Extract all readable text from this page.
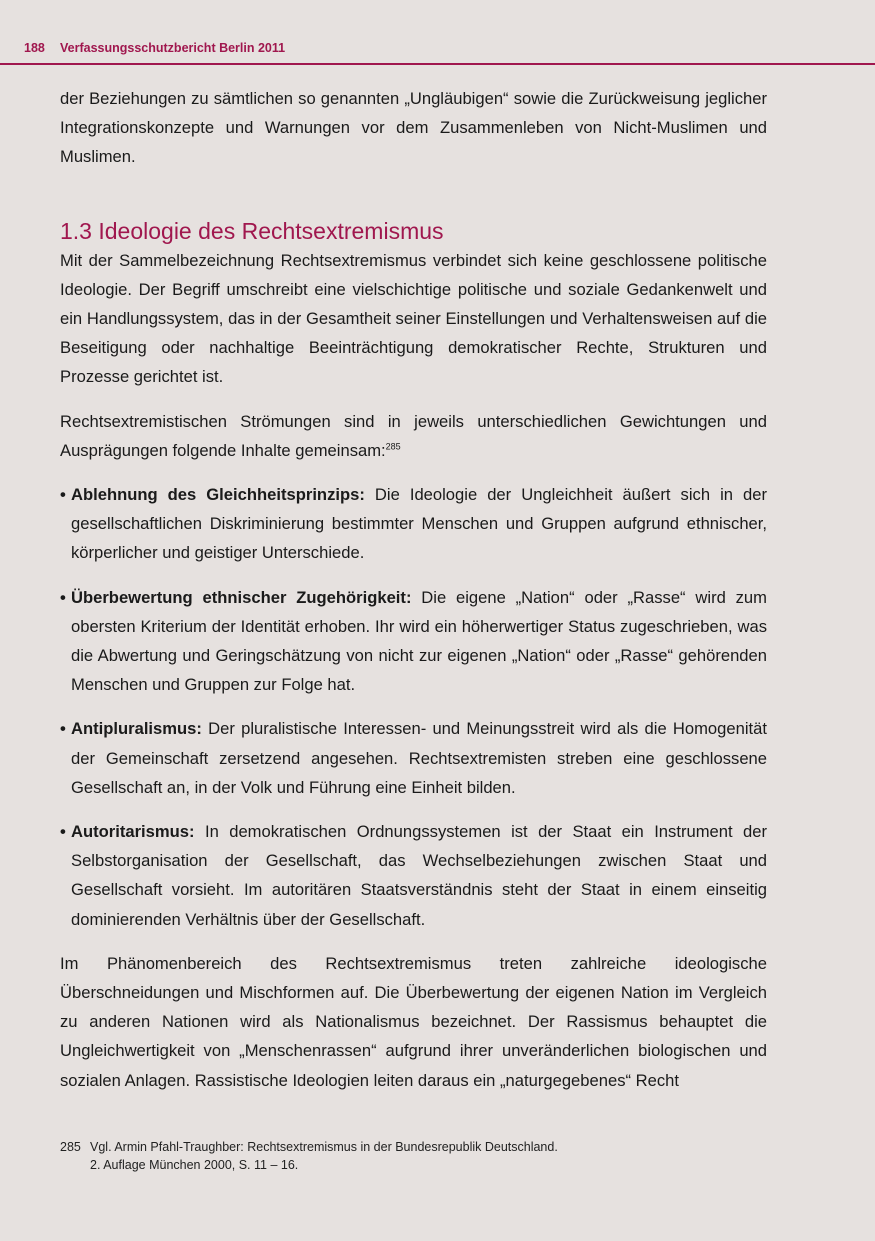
188 Verfassungsschutzbericht Berlin 2011

der Beziehungen zu sämtlichen so genannten „Ungläubigen“ sowie die Zurückweisung jeglicher Integrationskonzepte und Warnungen vor dem Zusammenleben von Nicht-Muslimen und Muslimen.

1.3 Ideologie des Rechtsextremismus

Mit der Sammelbezeichnung Rechtsextremismus verbindet sich keine geschlossene politische Ideologie. Der Begriff umschreibt eine vielschichtige politische und soziale Gedankenwelt und ein Handlungssystem, das in der Gesamtheit seiner Einstellungen und Verhaltensweisen auf die Beseitigung oder nachhaltige Beeinträchtigung demokratischer Rechte, Strukturen und Prozesse gerichtet ist.

Rechtsextremistischen Strömungen sind in jeweils unterschiedlichen Gewichtungen und Ausprägungen folgende Inhalte gemeinsam:$^{285}$

• Ablehnung des Gleichheitsprinzips: Die Ideologie der Ungleichheit äußert sich in der gesellschaftlichen Diskriminierung bestimmter Menschen und Gruppen aufgrund ethnischer, körperlicher und geistiger Unterschiede.

• Überbewertung ethnischer Zugehörigkeit: Die eigene „Nation“ oder „Rasse“ wird zum obersten Kriterium der Identität erhoben. Ihr wird ein höherwertiger Status zugeschrieben, was die Abwertung und Geringschätzung von nicht zur eigenen „Nation“ oder „Rasse“ gehörenden Menschen und Gruppen zur Folge hat.

• Antipluralismus: Der pluralistische Interessen- und Meinungsstreit wird als die Homogenität der Gemeinschaft zersetzend angesehen. Rechtsextremisten streben eine geschlossene Gesellschaft an, in der Volk und Führung eine Einheit bilden.

• Autoritarismus: In demokratischen Ordnungssystemen ist der Staat ein Instrument der Selbstorganisation der Gesellschaft, das Wechselbeziehungen zwischen Staat und Gesellschaft vorsieht. Im autoritären Staatsverständnis steht der Staat in einem einseitig dominierenden Verhältnis über der Gesellschaft.

Im Phänomenbereich des Rechtsextremismus treten zahlreiche ideologische Überschneidungen und Mischformen auf. Die Überbewertung der eigenen Nation im Vergleich zu anderen Nationen wird als Nationalismus bezeichnet. Der Rassismus behauptet die Ungleichwertigkeit von „Menschenrassen“ aufgrund ihrer unveränderlichen biologischen und sozialen Anlagen. Rassistische Ideologien leiten daraus ein „naturgegebenes“ Recht

285 Vgl. Armin Pfahl-Traughber: Rechtsextremismus in der Bundesrepublik Deutschland.
2. Auflage München 2000, S. 11 – 16.
